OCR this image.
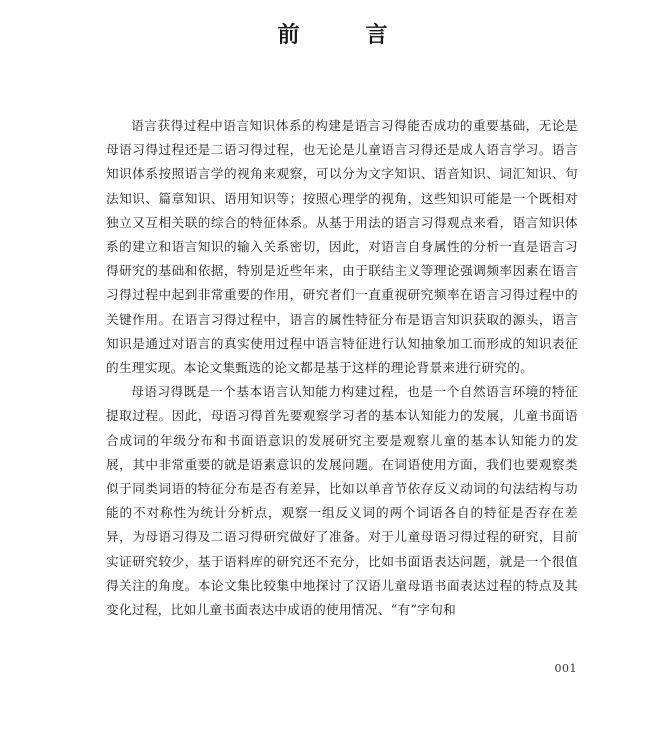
前　言

语言获得过程中语言知识体系的构建是语言习得能否成功的重要基础，无论是母语习得过程还是二语习得过程，也无论是儿童语言习得还是成人语言学习。语言知识体系按照语言学的视角来观察，可以分为文字知识、语音知识、词汇知识、句法知识、篇章知识、语用知识等；按照心理学的视角，这些知识可能是一个既相对独立又互相关联的综合的特征体系。从基于用法的语言习得观点来看，语言知识体系的建立和语言知识的输入关系密切，因此，对语言自身属性的分析一直是语言习得研究的基础和依据，特别是近些年来，由于联结主义等理论强调频率因素在语言习得过程中起到非常重要的作用，研究者们一直重视研究频率在语言习得过程中的关键作用。在语言习得过程中，语言的属性特征分布是语言知识获取的源头，语言知识是通过对语言的真实使用过程中语言特征进行认知抽象加工而形成的知识表征的生理实现。本论文集甄选的论文都是基于这样的理论背景来进行研究的。

母语习得既是一个基本语言认知能力构建过程，也是一个自然语言环境的特征提取过程。因此，母语习得首先要观察学习者的基本认知能力的发展，儿童书面语合成词的年级分布和书面语意识的发展研究主要是观察儿童的基本认知能力的发展，其中非常重要的就是语素意识的发展问题。在词语使用方面，我们也要观察类似于同类词语的特征分布是否有差异，比如以单音节依存反义动词的句法结构与功能的不对称性为统计分析点，观察一组反义词的两个词语各自的特征是否存在差异，为母语习得及二语习得研究做好了准备。对于儿童母语习得过程的研究，目前实证研究较少，基于语料库的研究还不充分，比如书面语表达问题，就是一个很值得关注的角度。本论文集比较集中地探讨了汉语儿童母语书面表达过程的特点及其变化过程，比如儿童书面表达中成语的使用情况、“有”字句和

001
